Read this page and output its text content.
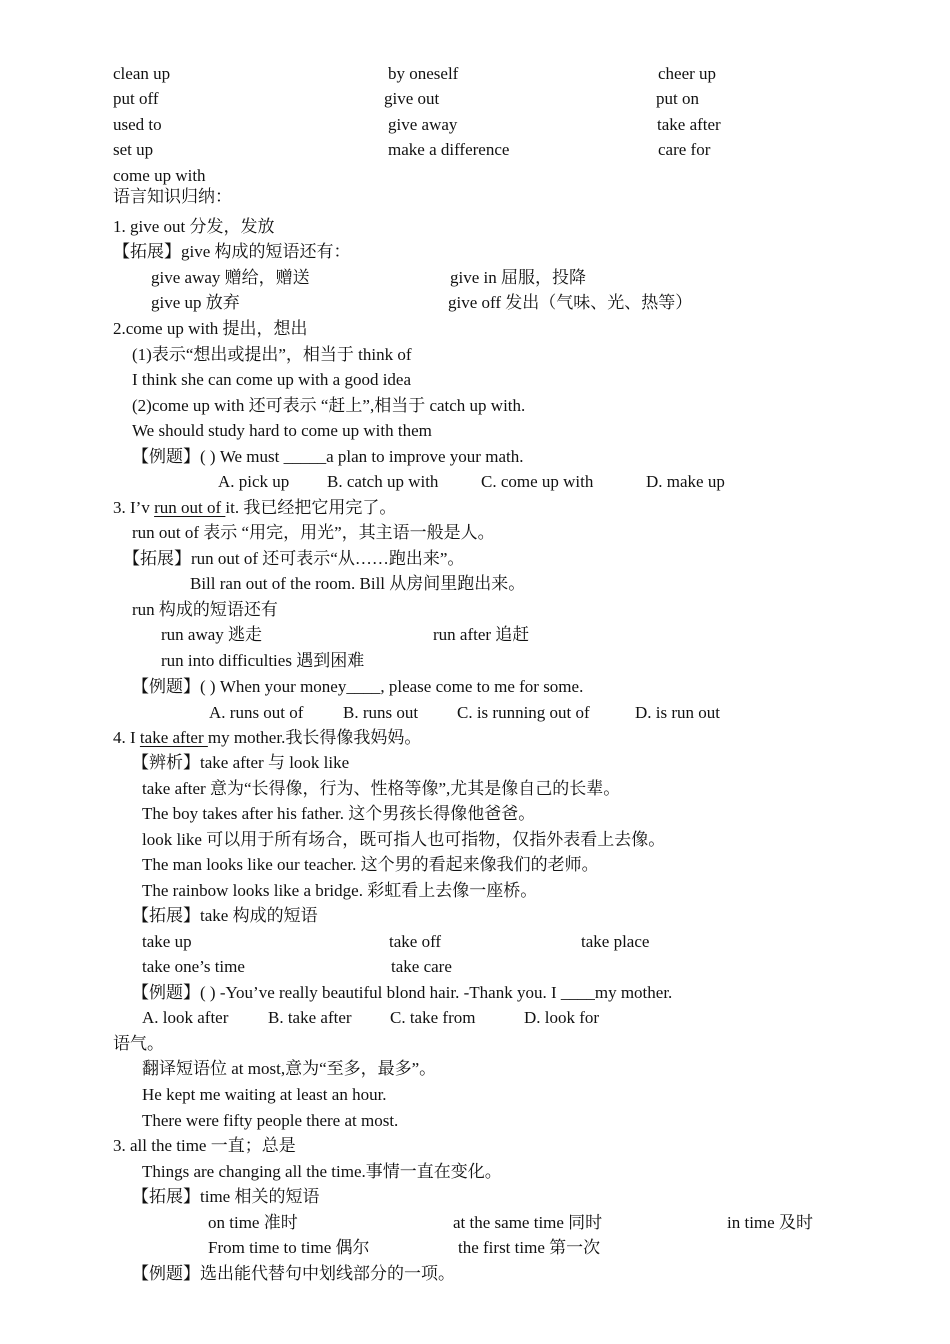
clean up	by oneself	cheer up
put off	give out	put on
used to	give away	take after
set up	make a difference	care for
come up with
语言知识归纳：
1. give out 分发，发放
【拓展】give 构成的短语还有：
give away 赠给，赠送	give in 屈服，投降
give up 放弃	give off 发出（气味、光、热等）
2.come up with 提出，想出
(1)表示“想出或提出”，相当于 think of
I think she can come up with a good idea
(2)come up with 还可表示 “赶上”,相当于 catch up with.
We should study hard to come up with them
【例题】( ) We must _____a plan to improve your math.
A. pick up B. catch up with	C. come up with	D. make up
3. I’v run out of it. 我已经把它用完了。
run out of 表示 “用完，用光”，其主语一般是人。
【拓展】run out of 还可表示“从……跑出来”。
Bill ran out of the room. Bill 从房间里跑出来。
run 构成的短语还有
run away 逃走	run after 追赶
run into difficulties 遇到困难
【例题】( ) When your money____, please come to me for some.
A. runs out of B. runs out C. is running out of	D. is run out
4. I take after my mother.我长得像我妈妈。
【辨析】take after 与 look like
take after 意为“长得像，行为、性格等像”,尤其是像自己的长辈。
The boy takes after his father. 这个男孩长得像他爸爸。
look like 可以用于所有场合，既可指人也可指物，仅指外表看上去像。
The man looks like our teacher. 这个男的看起来像我们的老师。
The rainbow looks like a bridge. 彩虹看上去像一座桥。
【拓展】take 构成的短语
take up	take off	take place
take one’s time	take care
【例题】( ) -You’ve really beautiful blond hair. -Thank you. I ____my mother.
A. look after B. take after C. take from	D. look for
语气。
翻译短语位 at most,意为“至多，最多”。
He kept me waiting at least an hour.
There were fifty people there at most.
3. all the time 一直；总是
Things are changing all the time.事情一直在变化。
【拓展】time 相关的短语
on time 准时	at the same time 同时	in time 及时
From time to time 偶尔	the first time 第一次
【例题】选出能代替句中划线部分的一项。
